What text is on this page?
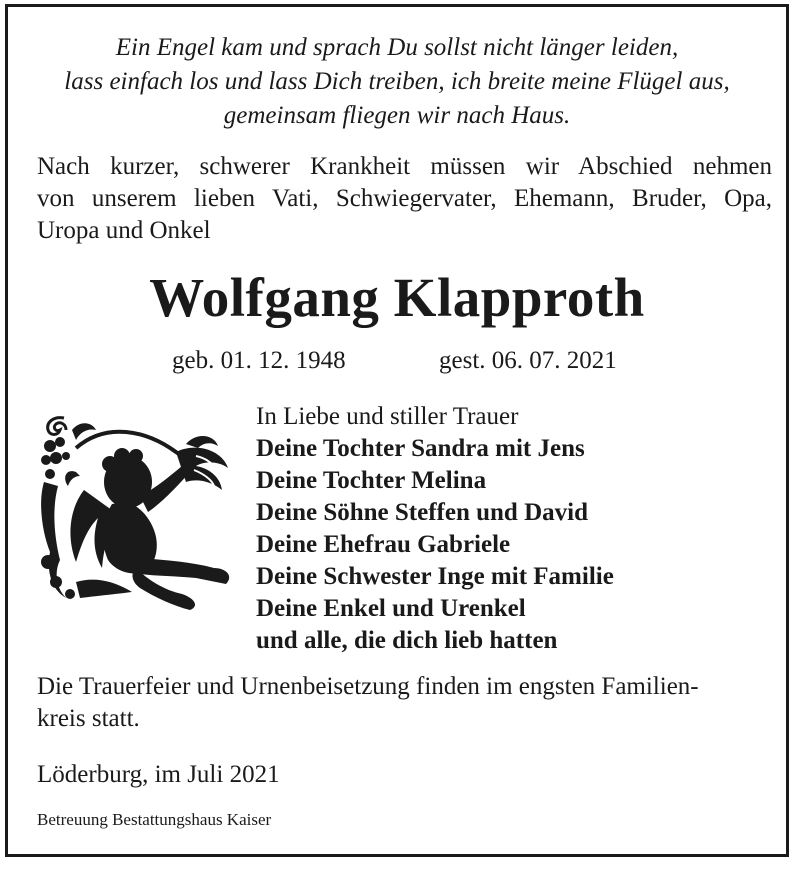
Ein Engel kam und sprach Du sollst nicht länger leiden,
lass einfach los und lass Dich treiben, ich breite meine Flügel aus,
gemeinsam fliegen wir nach Haus.
Nach kurzer, schwerer Krankheit müssen wir Abschied nehmen
von unserem lieben Vati, Schwiegervater, Ehemann, Bruder, Opa,
Uropa und Onkel
Wolfgang Klapproth
geb. 01. 12. 1948	gest. 06. 07. 2021
In Liebe und stiller Trauer
Deine Tochter Sandra mit Jens
Deine Tochter Melina
Deine Söhne Steffen und David
Deine Ehefrau Gabriele
Deine Schwester Inge mit Familie
Deine Enkel und Urenkel
und alle, die dich lieb hatten
Die Trauerfeier und Urnenbeisetzung finden im engsten Familien-
kreis statt.
Löderburg, im Juli 2021
Betreuung Bestattungshaus Kaiser
